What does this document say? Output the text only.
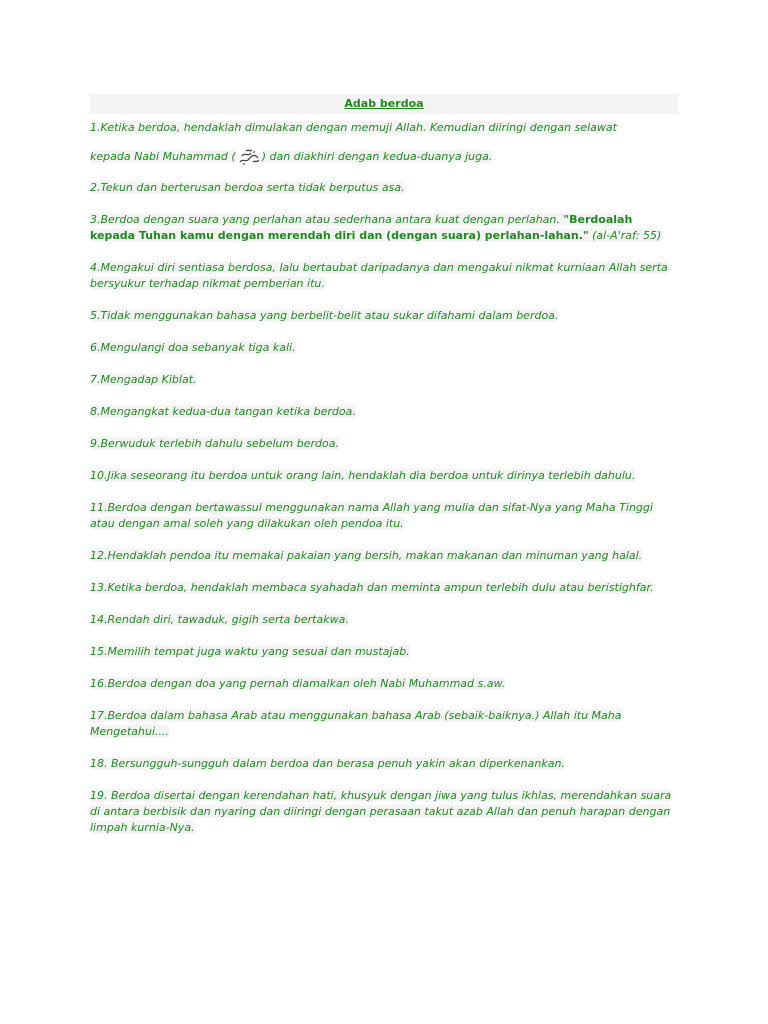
Adab berdoa
1.Ketika berdoa, hendaklah dimulakan dengan memuji Allah. Kemudian diiringi dengan selawat
kepada Nabi Muhammad ( ) dan diakhiri dengan kedua-duanya juga.
2.Tekun dan berterusan berdoa serta tidak berputus asa.
3.Berdoa dengan suara yang perlahan atau sederhana antara kuat dengan perlahan. "Berdoalah kepada Tuhan kamu dengan merendah diri dan (dengan suara) perlahan-lahan." (al-A'raf: 55)
4.Mengakui diri sentiasa berdosa, lalu bertaubat daripadanya dan mengakui nikmat kurniaan Allah serta bersyukur terhadap nikmat pemberian itu.
5.Tidak menggunakan bahasa yang berbelit-belit atau sukar difahami dalam berdoa.
6.Mengulangi doa sebanyak tiga kali.
7.Mengadap Kiblat.
8.Mengangkat kedua-dua tangan ketika berdoa.
9.Berwuduk terlebih dahulu sebelum berdoa.
10.Jika seseorang itu berdoa untuk orang lain, hendaklah dia berdoa untuk dirinya terlebih dahulu.
11.Berdoa dengan bertawassul menggunakan nama Allah yang mulia dan sifat-Nya yang Maha Tinggi atau dengan amal soleh yang dilakukan oleh pendoa itu.
12.Hendaklah pendoa itu memakai pakaian yang bersih, makan makanan dan minuman yang halal.
13.Ketika berdoa, hendaklah membaca syahadah dan meminta ampun terlebih dulu atau beristighfar.
14.Rendah diri, tawaduk, gigih serta bertakwa.
15.Memilih tempat juga waktu yang sesuai dan mustajab.
16.Berdoa dengan doa yang pernah diamalkan oleh Nabi Muhammad s.aw.
17.Berdoa dalam bahasa Arab atau menggunakan bahasa Arab (sebaik-baiknya.) Allah itu Maha Mengetahui....
18. Bersungguh-sungguh dalam berdoa dan berasa penuh yakin akan diperkenankan.
19. Berdoa disertai dengan kerendahan hati, khusyuk dengan jiwa yang tulus ikhlas, merendahkan suara di antara berbisik dan nyaring dan diiringi dengan perasaan takut azab Allah dan penuh harapan dengan limpah kurnia-Nya.
